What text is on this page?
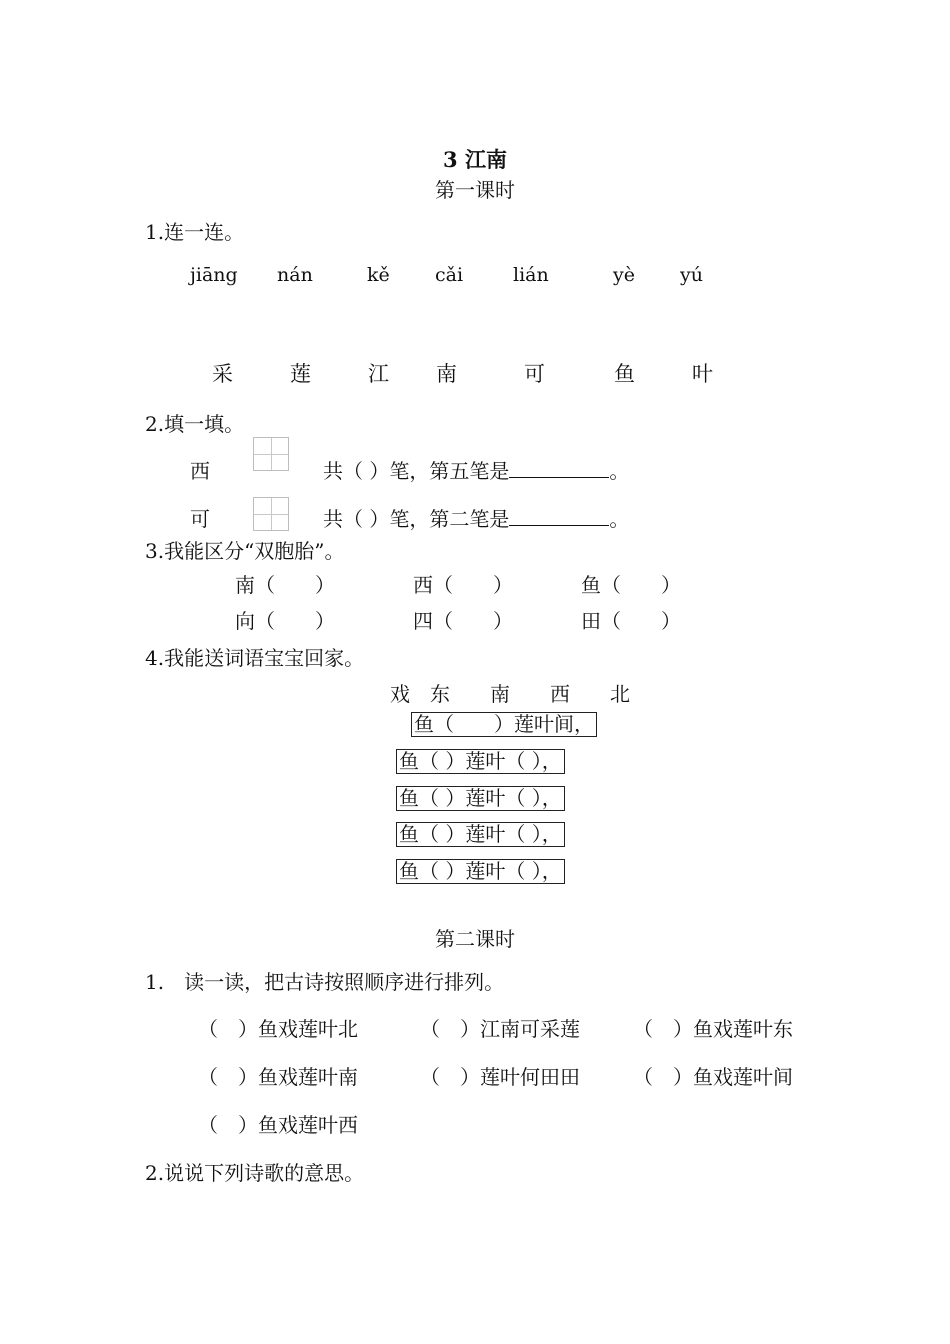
3 江南
第一课时
1.连一连。
jiāng nán	kě cǎi	lián	yè yú
采	莲	江 南	可	鱼	叶
2.填一填。
西	共（ ）笔，第五笔是	。
可	共（ ）笔，第二笔是	。
3.我能区分“双胞胎”。
南（　　）	西（　　）	鱼（　　）
向（　　）	四（　　）	田（　　）
4.我能送词语宝宝回家。
戏　东　　南　　西　　北
鱼（　　）莲叶间，
鱼（ ）莲叶（ ），
鱼（ ）莲叶（ ），
鱼（ ）莲叶（ ），
鱼（ ）莲叶（ ），
第二课时
1.　读一读，把古诗按照顺序进行排列。
（　）鱼戏莲叶北	（　）江南可采莲	（　）鱼戏莲叶东
（　）鱼戏莲叶南	（　）莲叶何田田	（　）鱼戏莲叶间
（　）鱼戏莲叶西
2.说说下列诗歌的意思。
